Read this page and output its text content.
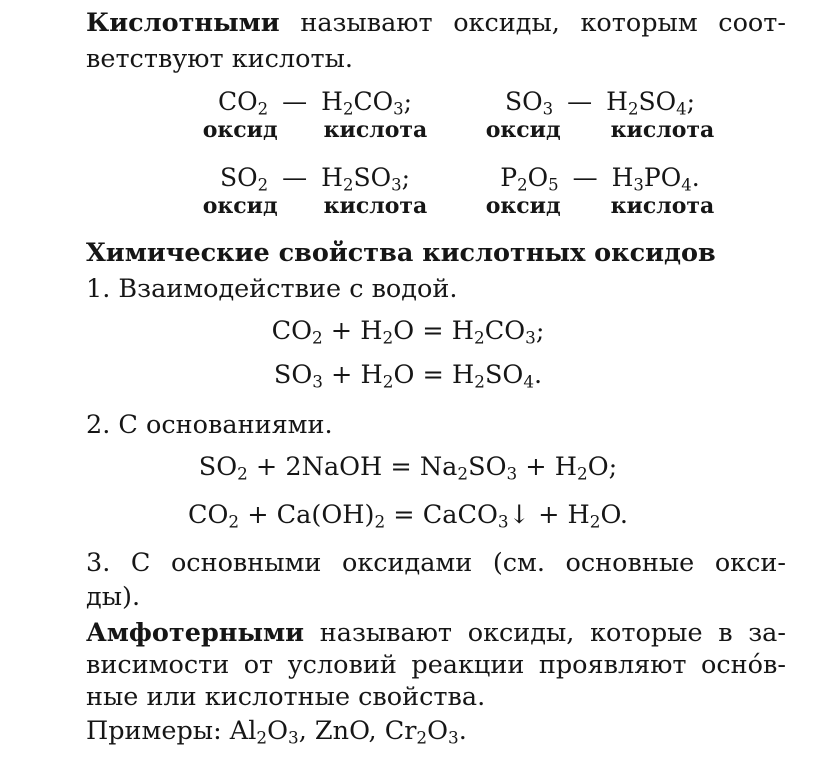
Кислотными называют оксиды, которым соот-
ветствуют кислоты.
$CO_2$ — $H_2CO_3$;
оксид кислота
$SO_3$ — $H_2SO_4$;
оксид кислота
$SO_2$ — $H_2SO_3$;
оксид кислота
$P_2O_5$ — $H_3PO_4$.
оксид кислота
Химические свойства кислотных оксидов
1. Взаимодействие с водой.
$CO_2 + H_2O = H_2CO_3$;
$SO_3 + H_2O = H_2SO_4$.
2. С основаниями.
$SO_2$ + 2NaOH = $Na_2SO_3 + H_2O$;
$CO_2 + Ca(OH)_2$ = CaCO$_3$↓ + $H_2O$.
3. С основными оксидами (см. основные окси-
ды).
Амфотерными называют оксиды, которые в за-
висимости от условий реакции проявляют осно́в-
ные или кислотные свойства.
Примеры: $Al_2O_3$, ZnO, $Cr_2O_3$.
